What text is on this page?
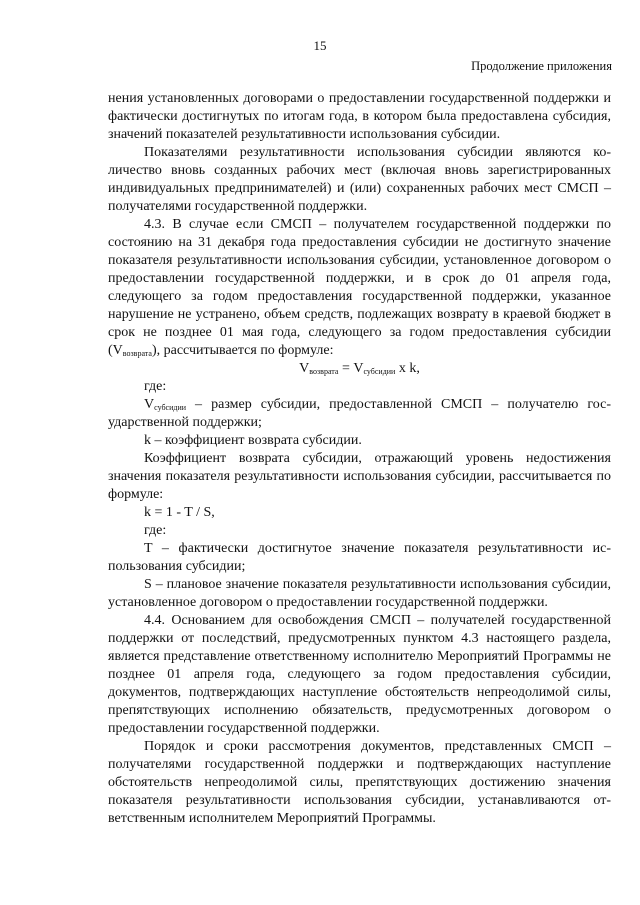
15
Продолжение приложения

нения установленных договорами о предоставлении государственной поддержки и фактически достигнутых по итогам года, в котором была предоставлена субсидия, значений показателей результативности использования субсидии.

Показателями результативности использования субсидии являются количество вновь созданных рабочих мест (включая вновь зарегистрированных индивидуальных предпринимателей) и (или) сохраненных рабочих мест СМСП – получателями государственной поддержки.

4.3. В случае если СМСП – получателем государственной поддержки по состоянию на 31 декабря года предоставления субсидии не достигнуто значение показателя результативности использования субсидии, установленное договором о предоставлении государственной поддержки, и в срок до 01 апреля года, следующего за годом предоставления государственной поддержки, указанное нарушение не устранено, объем средств, подлежащих возврату в краевой бюджет в срок не позднее 01 мая года, следующего за годом предоставления субсидии $(V_{возврата})$, рассчитывается по формуле:

$V_{возврата} = V_{субсидии}$ x k,

где:

$V_{субсидии}$ – размер субсидии, предоставленной СМСП – получателю государственной поддержки;

k – коэффициент возврата субсидии.

Коэффициент возврата субсидии, отражающий уровень недостижения значения показателя результативности использования субсидии, рассчитывается по формуле:

k = 1 - T / S,

где:

T – фактически достигнутое значение показателя результативности использования субсидии;

S – плановое значение показателя результативности использования субсидии, установленное договором о предоставлении государственной поддержки.

4.4. Основанием для освобождения СМСП – получателей государственной поддержки от последствий, предусмотренных пунктом 4.3 настоящего раздела, является представление ответственному исполнителю Мероприятий Программы не позднее 01 апреля года, следующего за годом предоставления субсидии, документов, подтверждающих наступление обстоятельств непреодолимой силы, препятствующих исполнению обязательств, предусмотренных договором о предоставлении государственной поддержки.

Порядок и сроки рассмотрения документов, представленных СМСП – получателями государственной поддержки и подтверждающих наступление обстоятельств непреодолимой силы, препятствующих достижению значения показателя результативности использования субсидии, устанавливаются ответственным исполнителем Мероприятий Программы.
